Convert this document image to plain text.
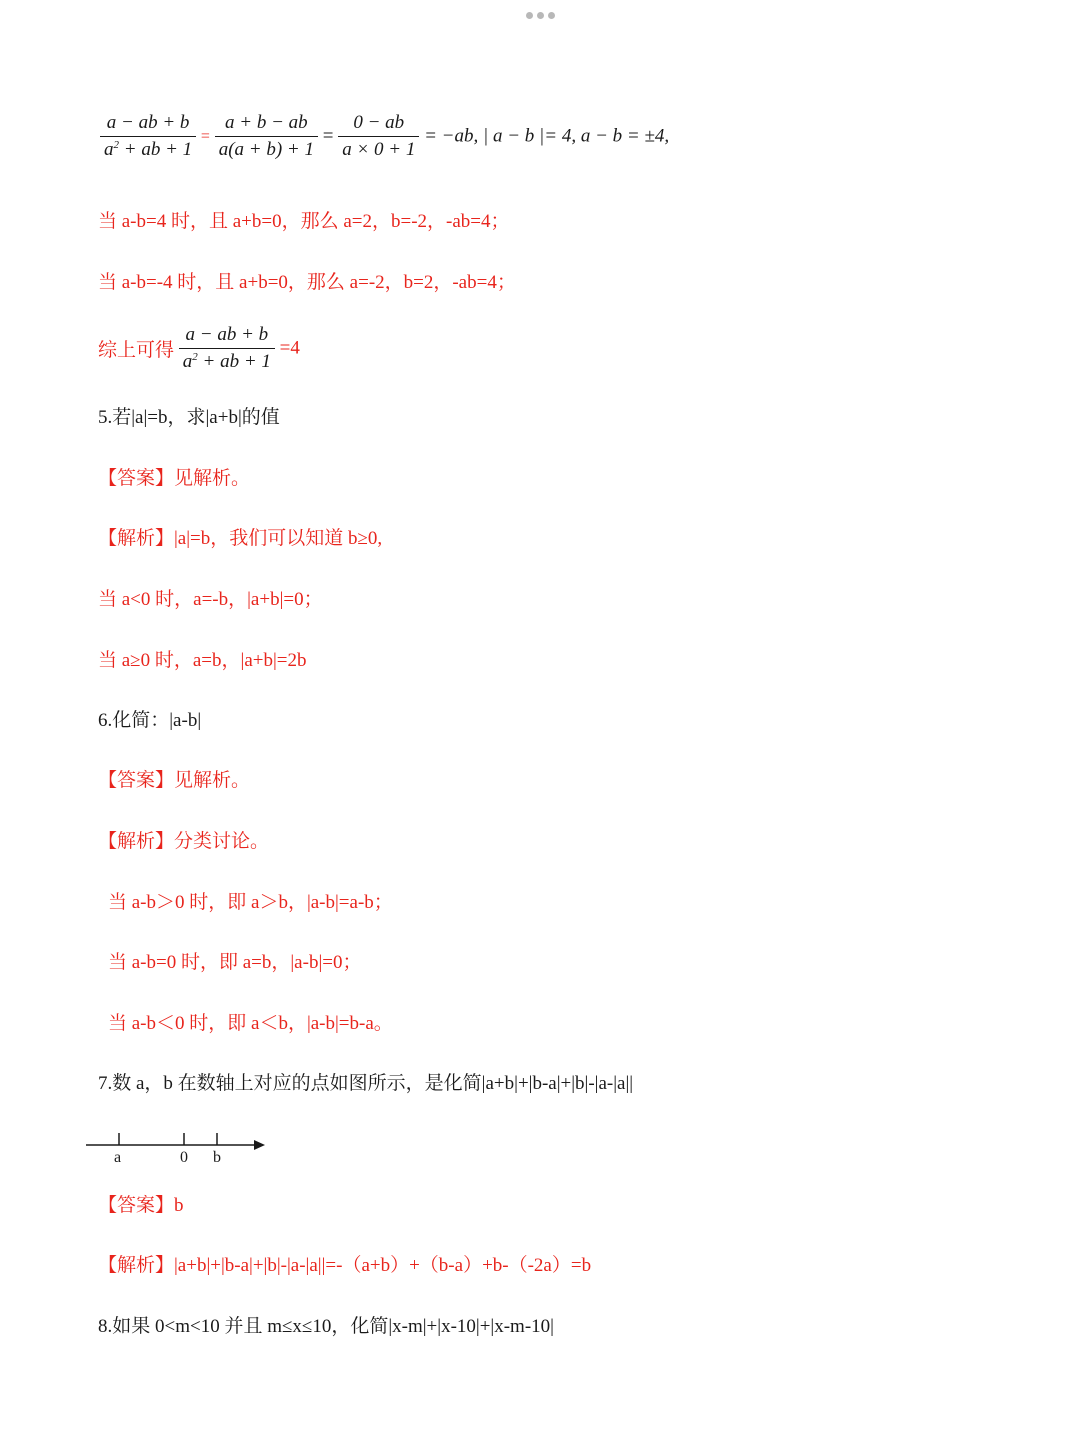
$\frac{a - ab + b}{a^2 + ab + 1} = \frac{a + b - ab}{a(a + b) + 1} = \frac{0 - ab}{a \times 0 + 1} = -ab$, | a − b |= 4, a − b = ±4,
当 a-b=4 时，且 a+b=0，那么 a=2，b=-2，-ab=4；
当 a-b=-4 时，且 a+b=0，那么 a=-2，b=2，-ab=4；
综上可得 $\frac{a - ab + b}{a^2 + ab + 1} =4$
5.若|a|=b，求|a+b|的值
【答案】见解析。
【解析】|a|=b，我们可以知道 b≥0,
当 a<0 时，a=-b，|a+b|=0；
当 a≥0 时，a=b，|a+b|=2b
6.化简：|a-b|
【答案】见解析。
【解析】分类讨论。
当 a-b＞0 时，即 a＞b，|a-b|=a-b；
当 a-b=0 时，即 a=b，|a-b|=0；
当 a-b＜0 时，即 a＜b，|a-b|=b-a。
7.数 a，b 在数轴上对应的点如图所示，是化简|a+b|+|b-a|+|b|-|a-|a||
a	0 b
【答案】b
【解析】|a+b|+|b-a|+|b|-|a-|a||=-（a+b）+（b-a）+b-（-2a）=b
8.如果 0<m<10 并且 m≤x≤10，化简|x-m|+|x-10|+|x-m-10|
